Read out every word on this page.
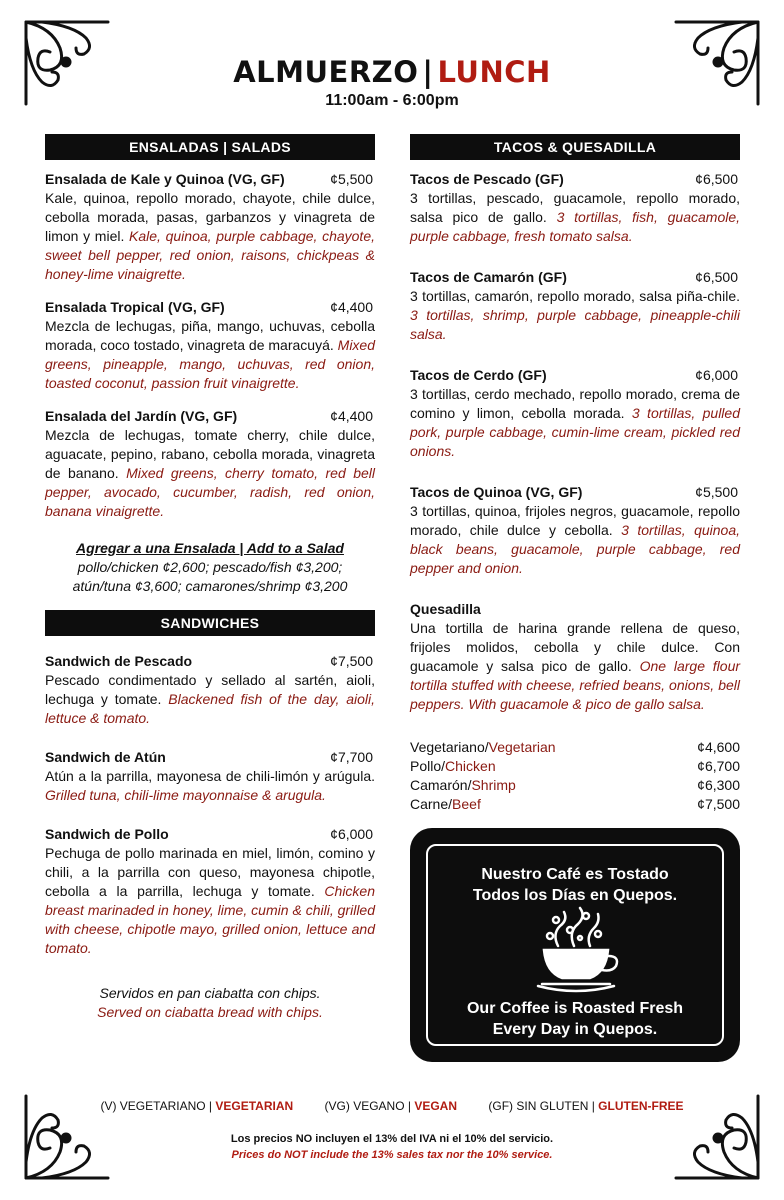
ALMUERZO | LUNCH
11:00am - 6:00pm
ENSALADAS | SALADS
Ensalada de Kale y Quinoa (VG, GF)	¢5,500

Kale, quinoa, repollo morado, chayote, chile dulce, cebolla morada, pasas, garbanzos y vinagreta de limon y miel. Kale, quinoa, purple cabbage, chayote, sweet bell pepper, red onion, raisons, chickpeas & honey-lime vinaigrette.

Ensalada Tropical (VG, GF)	¢4,400

Mezcla de lechugas, piña, mango, uchuvas, cebolla morada, coco tostado, vinagreta de maracuyá. Mixed greens, pineapple, mango, uchuvas, red onion, toasted coconut, passion fruit vinaigrette.

Ensalada del Jardín (VG, GF)	¢4,400

Mezcla de lechugas, tomate cherry, chile dulce, aguacate, pepino, rabano, cebolla morada, vinagreta de banano. Mixed greens, cherry tomato, red bell pepper, avocado, cucumber, radish, red onion, banana vinaigrette.

Agregar a una Ensalada | Add to a Salad
pollo/chicken ¢2,600; pescado/fish ¢3,200;
atún/tuna ¢3,600; camarones/shrimp ¢3,200
SANDWICHES
Sandwich de Pescado	¢7,500

Pescado condimentado y sellado al sartén, aioli, lechuga y tomate. Blackened fish of the day, aioli, lettuce & tomato.

Sandwich de Atún	¢7,700

Atún a la parrilla, mayonesa de chili-limón y arúgula. Grilled tuna, chili-lime mayonnaise & arugula.

Sandwich de Pollo	¢6,000

Pechuga de pollo marinada en miel, limón, comino y chili, a la parrilla con queso, mayonesa chipotle, cebolla a la parrilla, lechuga y tomate. Chicken breast marinaded in honey, lime, cumin & chili, grilled with cheese, chipotle mayo, grilled onion, lettuce and tomato.

Servidos en pan ciabatta con chips.
Served on ciabatta bread with chips.
TACOS & QUESADILLA
Tacos de Pescado (GF)	¢6,500

3 tortillas, pescado, guacamole, repollo morado, salsa pico de gallo. 3 tortillas, fish, guacamole, purple cabbage, fresh tomato salsa.

Tacos de Camarón (GF)	¢6,500

3 tortillas, camarón, repollo morado, salsa piña-chile. 3 tortillas, shrimp, purple cabbage, pineapple-chili salsa.

Tacos de Cerdo (GF)	¢6,000

3 tortillas, cerdo mechado, repollo morado, crema de comino y limon, cebolla morada. 3 tortillas, pulled pork, purple cabbage, cumin-lime cream, pickled red onions.

Tacos de Quinoa (VG, GF)	¢5,500

3 tortillas, quinoa, frijoles negros, guacamole, repollo morado, chile dulce y cebolla. 3 tortillas, quinoa, black beans, guacamole, purple cabbage, red pepper and onion.

Quesadilla

Una tortilla de harina grande rellena de queso, frijoles molidos, cebolla y chile dulce. Con guacamole y salsa pico de gallo. One large flour tortilla stuffed with cheese, refried beans, onions, bell peppers. With guacamole & pico de gallo salsa.

Vegetariano/Vegetarian	¢4,600
Pollo/Chicken	¢6,700
Camarón/Shrimp	¢6,300
Carne/Beef	¢7,500
Nuestro Café es Tostado
Todos los Días en Quepos.
Our Coffee is Roasted Fresh
Every Day in Quepos.
(V) VEGETARIANO | VEGETARIAN	(VG) VEGANO | VEGAN	(GF) SIN GLUTEN | GLUTEN-FREE
Los precios NO incluyen el 13% del IVA ni el 10% del servicio.
Prices do NOT include the 13% sales tax nor the 10% service.
